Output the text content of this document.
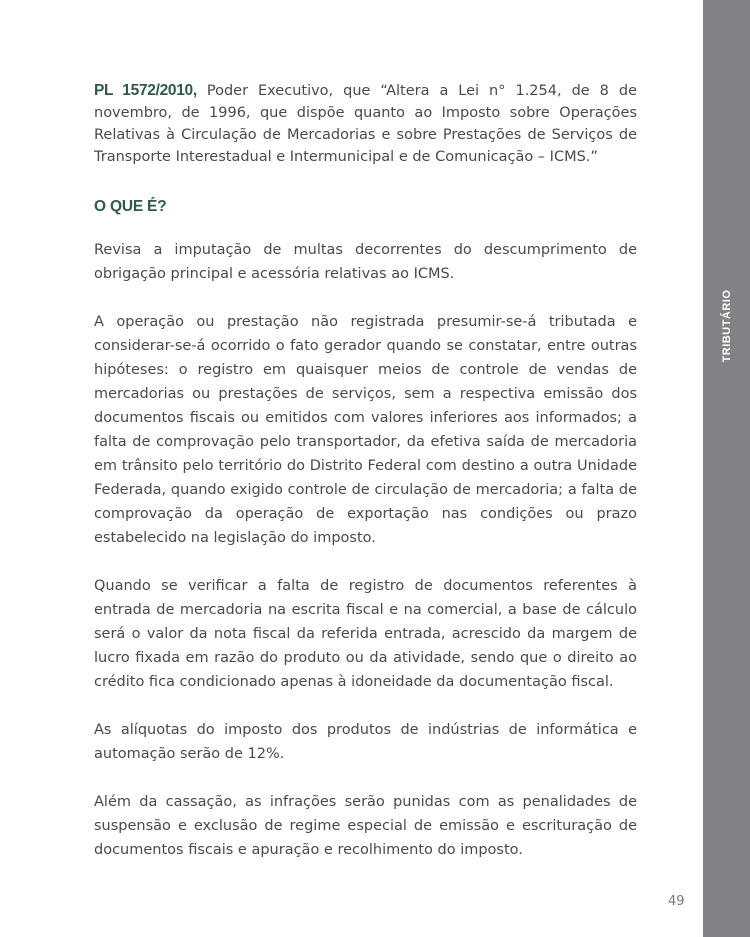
PL 1572/2010, Poder Executivo, que “Altera a Lei n° 1.254, de 8 de novembro, de 1996, que dispõe quanto ao Imposto sobre Operações Relativas à Circulação de Mercadorias e sobre Prestações de Serviços de Transporte Interestadual e Intermunicipal e de Comunicação – ICMS.”

O QUE É?

Revisa a imputação de multas decorrentes do descumprimento de obrigação principal e acessória relativas ao ICMS.

A operação ou prestação não registrada presumir-se-á tributada e considerar-se-á ocorrido o fato gerador quando se constatar, entre outras hipóteses: o registro em quaisquer meios de controle de vendas de mercadorias ou prestações de serviços, sem a respectiva emissão dos documentos fiscais ou emitidos com valores inferiores aos informados; a falta de comprovação pelo transportador, da efetiva saída de mercadoria em trânsito pelo território do Distrito Federal com destino a outra Unidade Federada, quando exigido controle de circulação de mercadoria; a falta de comprovação da operação de exportação nas condições ou prazo estabelecido na legislação do imposto.

Quando se verificar a falta de registro de documentos referentes à entrada de mercadoria na escrita fiscal e na comercial, a base de cálculo será o valor da nota fiscal da referida entrada, acrescido da margem de lucro fixada em razão do produto ou da atividade, sendo que o direito ao crédito fica condicionado apenas à idoneidade da documentação fiscal.

As alíquotas do imposto dos produtos de indústrias de informática e automação serão de 12%.

Além da cassação, as infrações serão punidas com as penalidades de suspensão e exclusão de regime especial de emissão e escrituração de documentos fiscais e apuração e recolhimento do imposto.

TRIBUTÁRIO
49
